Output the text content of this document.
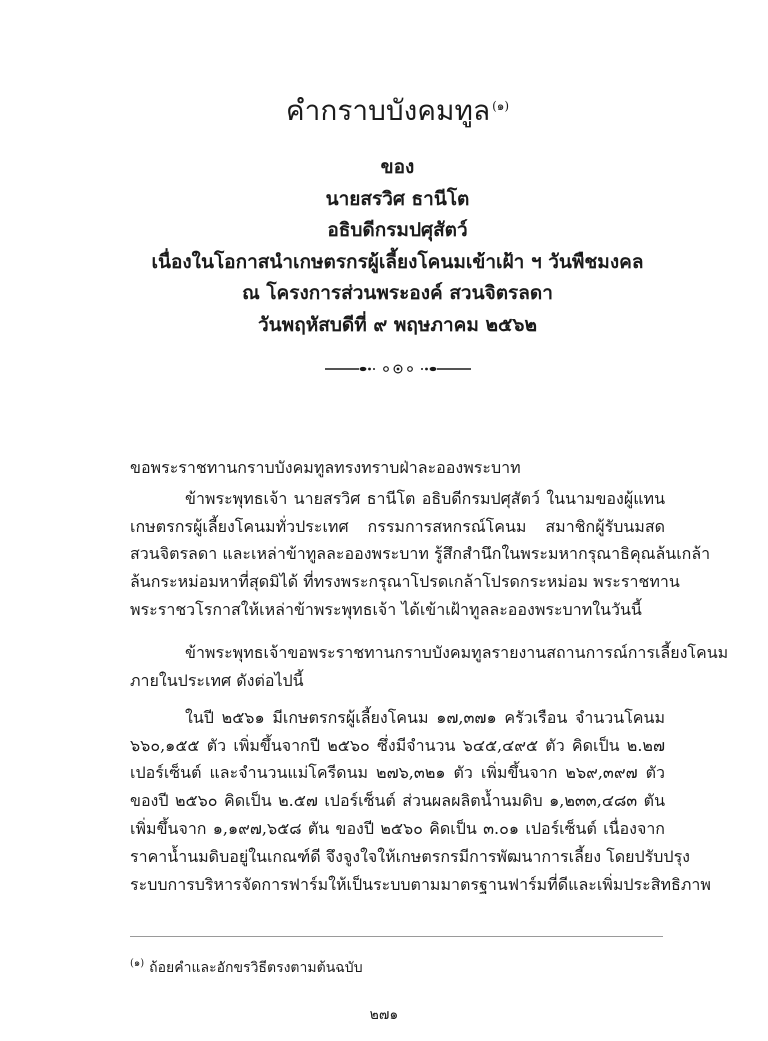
คำกราบบังคมทูล $^{(๑)}$
ของ
นายสรวิศ ธานีโต
อธิบดีกรมปศุสัตว์
เนื่องในโอกาสนำเกษตรกรผู้เลี้ยงโคนมเข้าเฝ้า ฯ วันพืชมงคล
ณ โครงการส่วนพระองค์ สวนจิตรลดา
วันพฤหัสบดีที่ ๙ พฤษภาคม ๒๕๖๒

ขอพระราชทานกราบบังคมทูลทรงทราบฝ่าละอองพระบาท

ข้าพระพุทธเจ้า นายสรวิศ ธานีโต อธิบดีกรมปศุสัตว์ ในนามของผู้แทน
เกษตรกรผู้เลี้ยงโคนมทั่วประเทศ กรรมการสหกรณ์โคนม สมาชิกผู้รับนมสด
สวนจิตรลดา และเหล่าข้าทูลละอองพระบาท รู้สึกสำนึกในพระมหากรุณาธิคุณล้นเกล้า
ล้นกระหม่อมหาที่สุดมิได้ ที่ทรงพระกรุณาโปรดเกล้าโปรดกระหม่อม พระราชทาน
พระราชวโรกาสให้เหล่าข้าพระพุทธเจ้า ได้เข้าเฝ้าทูลละอองพระบาทในวันนี้
ข้าพระพุทธเจ้าขอพระราชทานกราบบังคมทูลรายงานสถานการณ์การเลี้ยงโคนม
ภายในประเทศ ดังต่อไปนี้
ในปี ๒๕๖๑ มีเกษตรกรผู้เลี้ยงโคนม ๑๗,๓๗๑ ครัวเรือน จำนวนโคนม
๖๖๐,๑๕๕ ตัว เพิ่มขึ้นจากปี ๒๕๖๐ ซึ่งมีจำนวน ๖๔๕,๔๙๕ ตัว คิดเป็น ๒.๒๗
เปอร์เซ็นต์ และจำนวนแม่โครีดนม ๒๗๖,๓๒๑ ตัว เพิ่มขึ้นจาก ๒๖๙,๓๙๗ ตัว
ของปี ๒๕๖๐ คิดเป็น ๒.๕๗ เปอร์เซ็นต์ ส่วนผลผลิตน้ำนมดิบ ๑,๒๓๓,๔๘๓ ตัน
เพิ่มขึ้นจาก ๑,๑๙๗,๖๕๘ ตัน ของปี ๒๕๖๐ คิดเป็น ๓.๐๑ เปอร์เซ็นต์ เนื่องจาก
ราคาน้ำนมดิบอยู่ในเกณฑ์ดี จึงจูงใจให้เกษตรกรมีการพัฒนาการเลี้ยง โดยปรับปรุง
ระบบการบริหารจัดการฟาร์มให้เป็นระบบตามมาตรฐานฟาร์มที่ดีและเพิ่มประสิทธิภาพ
$^{(๑)}$ ถ้อยคำและอักขรวิธีตรงตามต้นฉบับ
๒๗๑
